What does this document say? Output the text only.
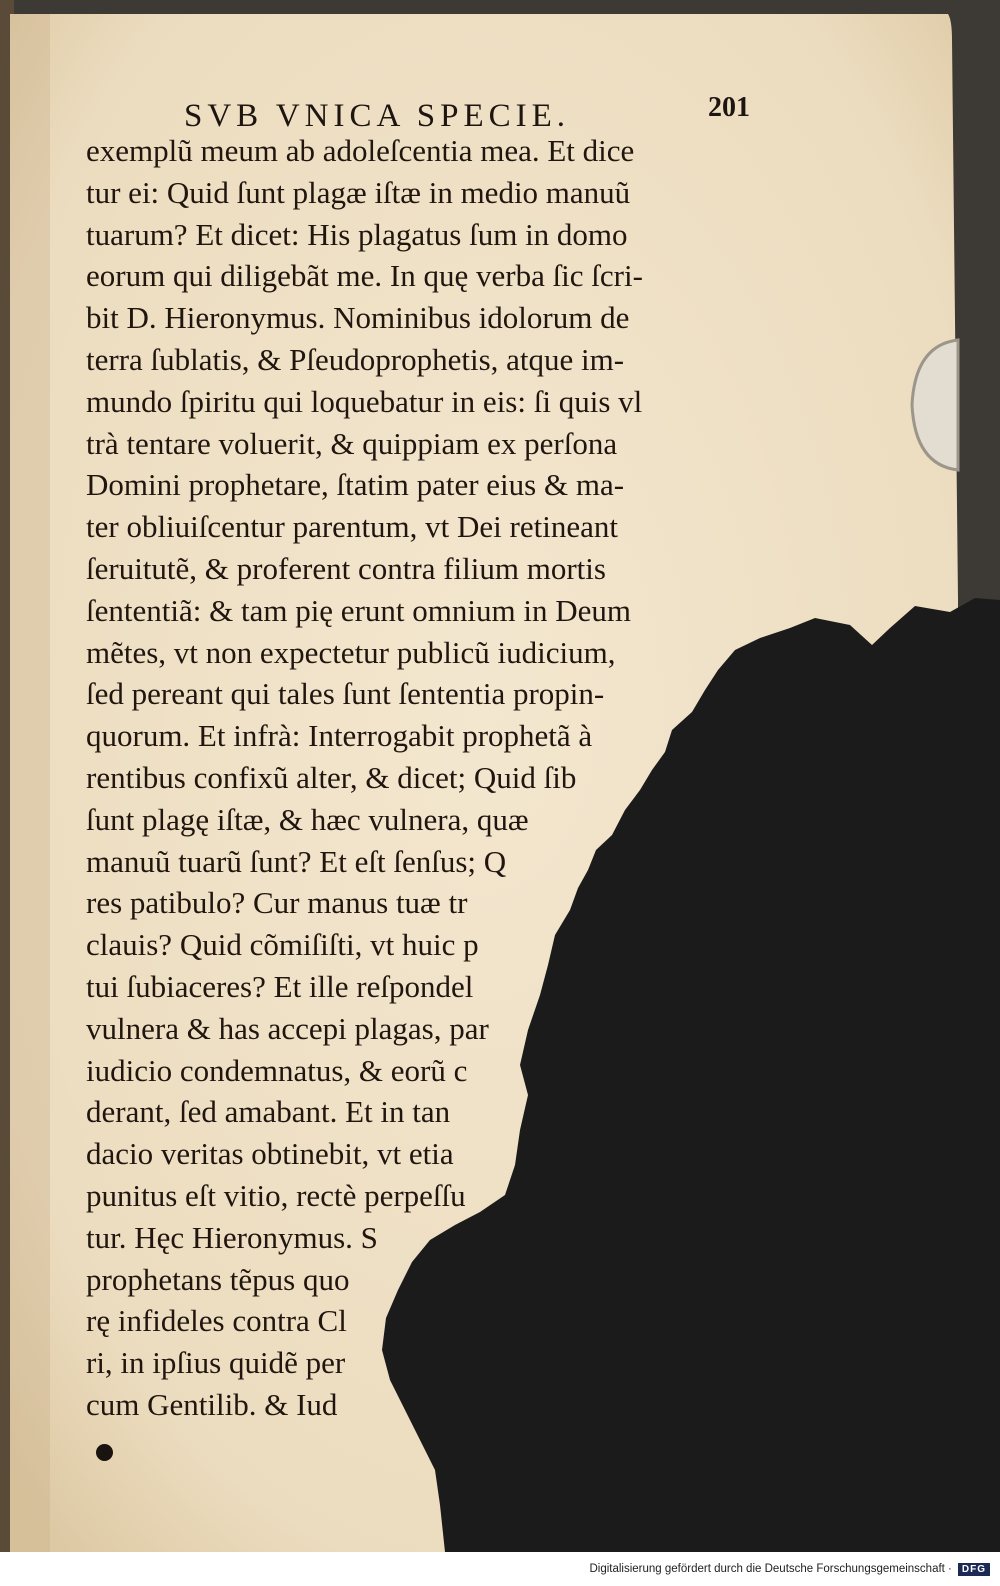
SVB VNICA SPECIE.	201
exemplũ meum ab adoleſcentia mea. Et dice
tur ei: Quid ſunt plagæ iſtæ in medio manuũ
tuarum? Et dicet: His plagatus ſum in domo
eorum qui diligebãt me. In quę verba ſic ſcri-
bit D. Hieronymus. Nominibus idolorum de
terra ſublatis, & Pſeudoprophetis, atque im-
mundo ſpiritu qui loquebatur in eis: ſi quis vl
trà tentare voluerit, & quippiam ex perſona
Domini prophetare, ſtatim pater eius & ma-
ter obliuiſcentur parentum, vt Dei retineant
ſeruitutẽ, & proferent contra filium mortis
ſententiã: & tam pię erunt omnium in Deum
mẽtes, vt non expectetur publicũ iudicium,
ſed pereant qui tales ſunt ſententia propin-
quorum. Et infrà: Interrogabit prophetã à
rentibus confixũ alter, & dicet; Quid ſib
ſunt plagę iſtæ, & hæc vulnera, quæ
manuũ tuarũ ſunt? Et eſt ſenſus; Q
res patibulo? Cur manus tuæ tr
clauis? Quid cõmiſiſti, vt huic p
tui ſubiaceres? Et ille reſpondel
vulnera & has accepi plagas, par
iudicio condemnatus, & eorũ c
derant, ſed amabant. Et in tan
dacio veritas obtinebit, vt etia
punitus eſt vitio, rectè perpeſſu
tur. Hęc Hieronymus. S
prophetans tẽpus quo
rę infideles contra Cl
ri, in ipſius quidẽ per
cum Gentilib. & Iud
Digitalisierung gefördert durch die Deutsche Forschungsgemeinschaft ·	DFG
